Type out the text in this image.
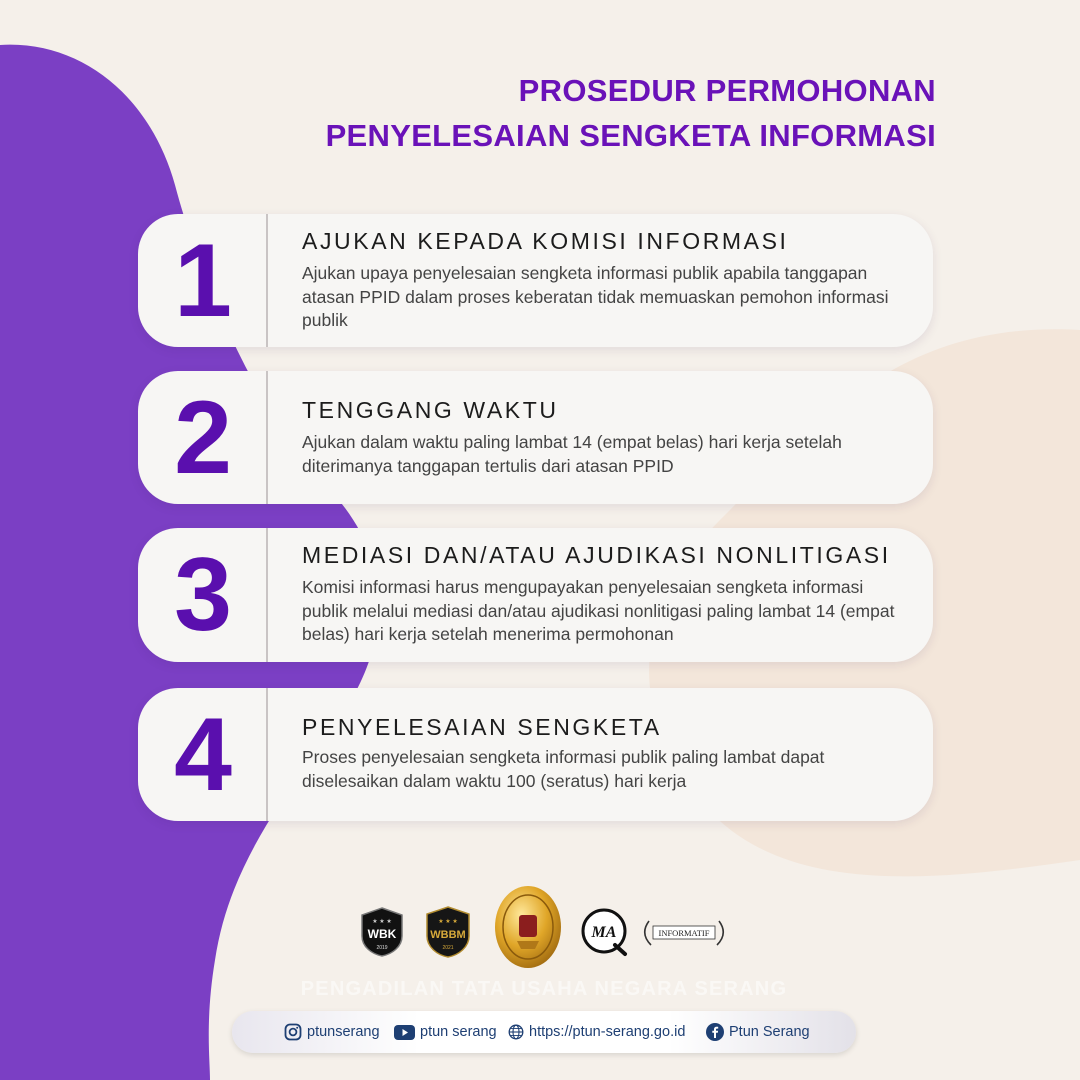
PROSEDUR PERMOHONAN
PENYELESAIAN SENGKETA INFORMASI
1	AJUKAN KEPADA KOMISI INFORMASI
Ajukan upaya penyelesaian sengketa informasi publik apabila tanggapan atasan PPID dalam proses keberatan tidak memuaskan pemohon informasi publik
2	TENGGANG WAKTU
Ajukan dalam waktu paling lambat 14 (empat belas) hari kerja setelah diterimanya tanggapan tertulis dari atasan PPID
3	MEDIASI DAN/ATAU AJUDIKASI NONLITIGASI
Komisi informasi harus mengupayakan penyelesaian sengketa informasi publik melalui mediasi dan/atau ajudikasi nonlitigasi paling lambat 14 (empat belas) hari kerja setelah menerima permohonan
4	PENYELESAIAN SENGKETA
Proses penyelesaian sengketa informasi publik paling lambat dapat diselesaikan dalam waktu 100 (seratus) hari kerja
WBK
2019
★ ★ ★
WBBM
2021
★ ★ ★
MA	INFORMATIF
PENGADILAN TATA USAHA NEGARA SERANG
ptunserang	ptun serang https://ptun-serang.go.id	Ptun Serang
